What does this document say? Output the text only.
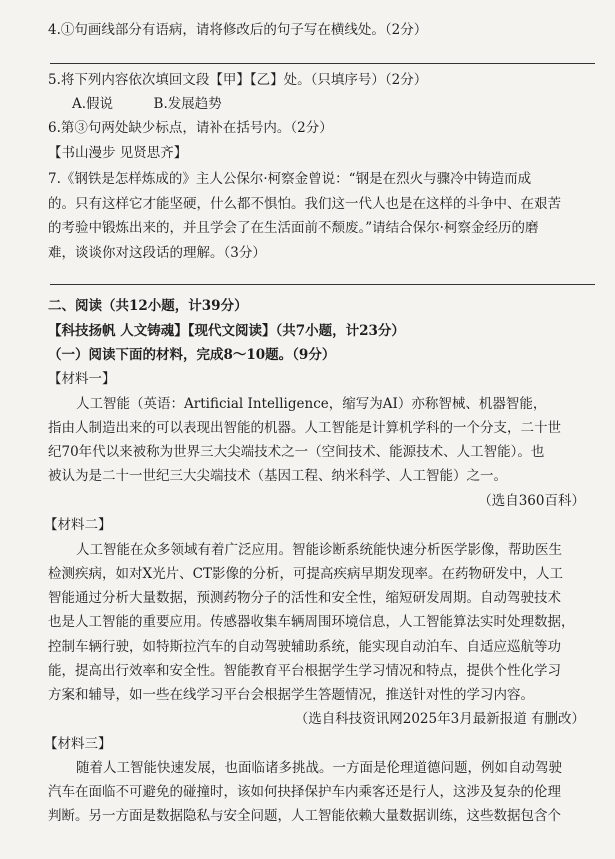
4.①句画线部分有语病，请将修改后的句子写在横线处。（2分）
5.将下列内容依次填回文段【甲】【乙】处。（只填序号）（2分）
A.假说　　　B.发展趋势
6.第③句两处缺少标点，请补在括号内。（2分）
【书山漫步 见贤思齐】
7.《钢铁是怎样炼成的》主人公保尔·柯察金曾说：“钢是在烈火与骤冷中铸造而成
的。只有这样它才能坚硬，什么都不惧怕。我们这一代人也是在这样的斗争中、在艰苦
的考验中锻炼出来的，并且学会了在生活面前不颓废。”请结合保尔·柯察金经历的磨
难，谈谈你对这段话的理解。（3分）
二、阅读（共12小题，计39分）
【科技扬帆 人文铸魂】【现代文阅读】（共7小题，计23分）
（一）阅读下面的材料，完成8～10题。（9分）
【材料一】
人工智能（英语：Artificial Intelligence，缩写为AI）亦称智械、机器智能，
指由人制造出来的可以表现出智能的机器。人工智能是计算机学科的一个分支，二十世
纪70年代以来被称为世界三大尖端技术之一（空间技术、能源技术、人工智能）。也
被认为是二十一世纪三大尖端技术（基因工程、纳米科学、人工智能）之一。
（选自360百科）
【材料二】
人工智能在众多领域有着广泛应用。智能诊断系统能快速分析医学影像，帮助医生
检测疾病，如对X光片、CT影像的分析，可提高疾病早期发现率。在药物研发中，人工
智能通过分析大量数据，预测药物分子的活性和安全性，缩短研发周期。自动驾驶技术
也是人工智能的重要应用。传感器收集车辆周围环境信息，人工智能算法实时处理数据，
控制车辆行驶，如特斯拉汽车的自动驾驶辅助系统，能实现自动泊车、自适应巡航等功
能，提高出行效率和安全性。智能教育平台根据学生学习情况和特点，提供个性化学习
方案和辅导，如一些在线学习平台会根据学生答题情况，推送针对性的学习内容。
（选自科技资讯网2025年3月最新报道 有删改）
【材料三】
随着人工智能快速发展，也面临诸多挑战。一方面是伦理道德问题，例如自动驾驶
汽车在面临不可避免的碰撞时，该如何抉择保护车内乘客还是行人，这涉及复杂的伦理
判断。另一方面是数据隐私与安全问题，人工智能依赖大量数据训练，这些数据包含个
